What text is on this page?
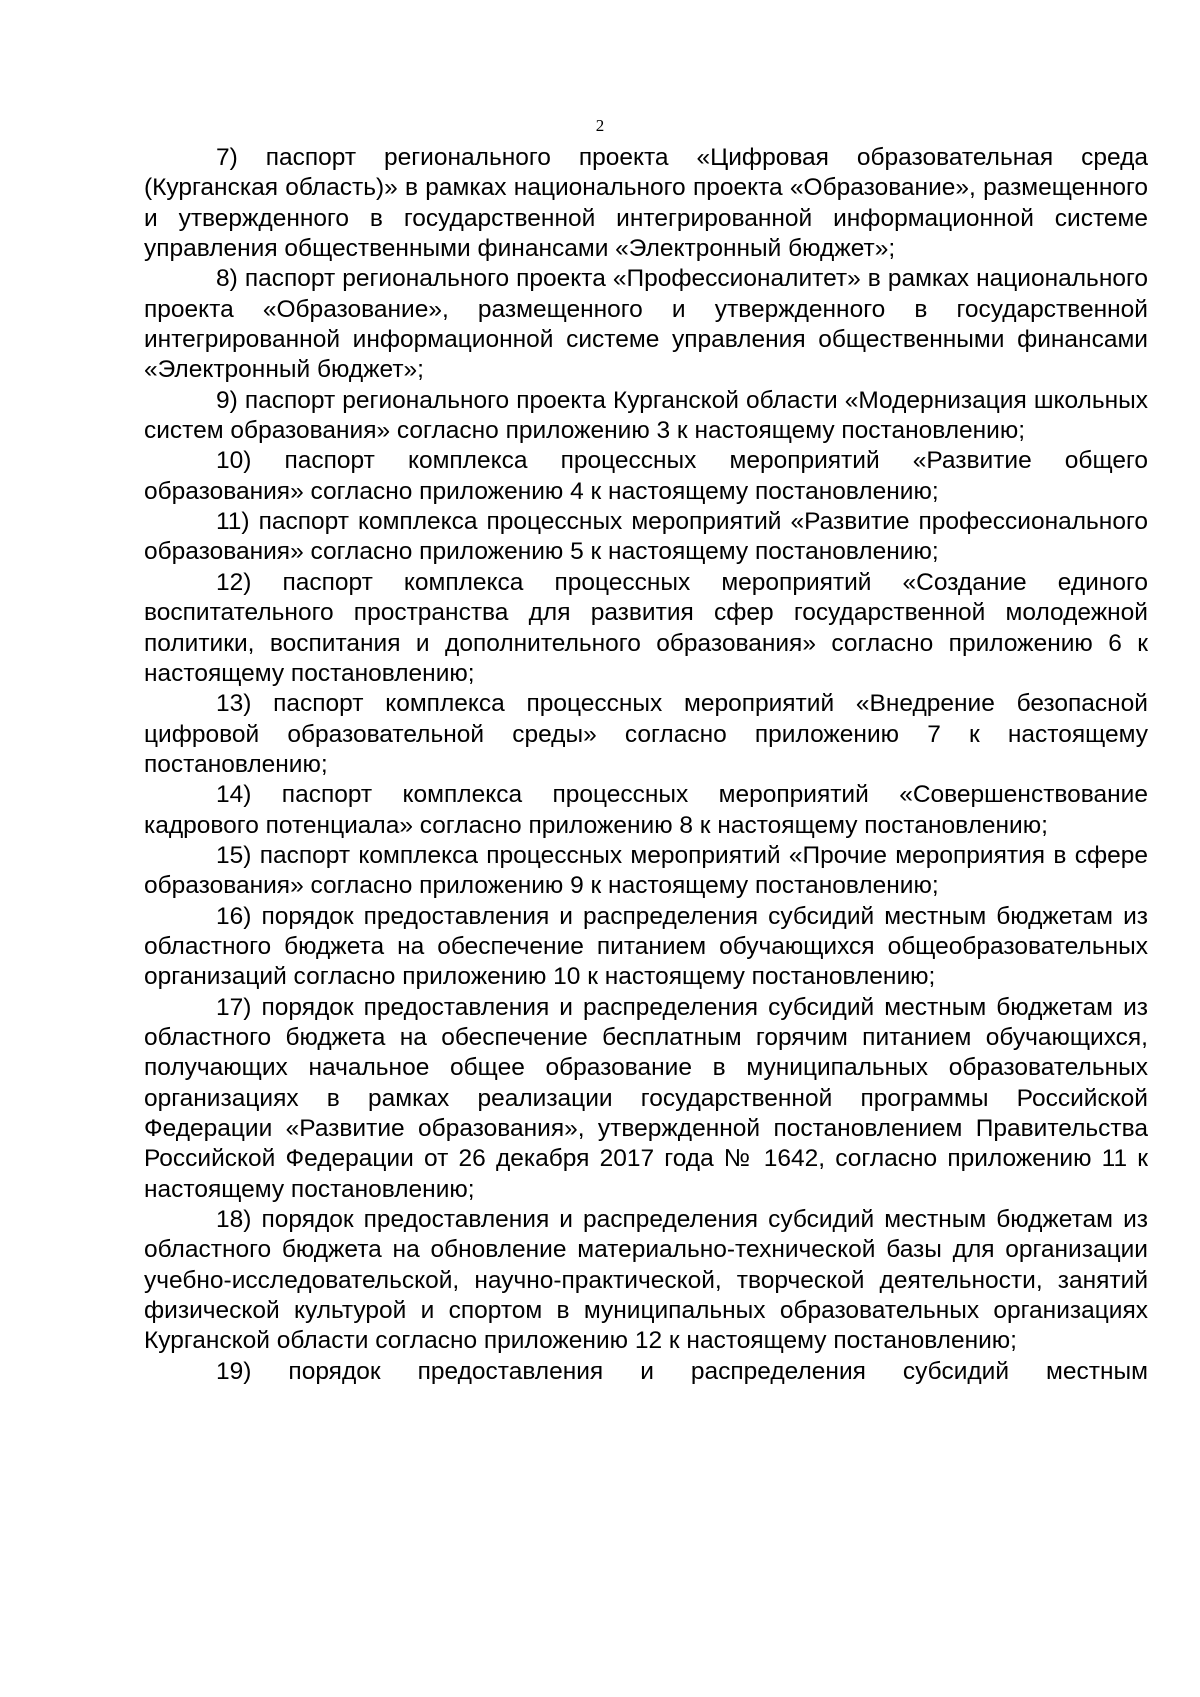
2

7) паспорт регионального проекта «Цифровая образовательная среда (Курганская область)» в рамках национального проекта «Образование», размещенного и утвержденного в государственной интегрированной информационной системе управления общественными финансами «Электронный бюджет»;

8) паспорт регионального проекта «Профессионалитет» в рамках национального проекта «Образование», размещенного и утвержденного в государственной интегрированной информационной системе управления общественными финансами «Электронный бюджет»;

9) паспорт регионального проекта Курганской области «Модернизация школьных систем образования» согласно приложению 3 к настоящему постановлению;

10) паспорт комплекса процессных мероприятий «Развитие общего образования» согласно приложению 4 к настоящему постановлению;

11) паспорт комплекса процессных мероприятий «Развитие профессионального образования» согласно приложению 5 к настоящему постановлению;

12) паспорт комплекса процессных мероприятий «Создание единого воспитательного пространства для развития сфер государственной молодежной политики, воспитания и дополнительного образования» согласно приложению 6 к настоящему постановлению;

13) паспорт комплекса процессных мероприятий «Внедрение безопасной цифровой образовательной среды» согласно приложению 7 к настоящему постановлению;

14) паспорт комплекса процессных мероприятий «Совершенствование кадрового потенциала» согласно приложению 8 к настоящему постановлению;

15) паспорт комплекса процессных мероприятий «Прочие мероприятия в сфере образования» согласно приложению 9 к настоящему постановлению;

16) порядок предоставления и распределения субсидий местным бюджетам из областного бюджета на обеспечение питанием обучающихся общеобразовательных организаций согласно приложению 10 к настоящему постановлению;

17) порядок предоставления и распределения субсидий местным бюджетам из областного бюджета на обеспечение бесплатным горячим питанием обучающихся, получающих начальное общее образование в муниципальных образовательных организациях в рамках реализации государственной программы Российской Федерации «Развитие образования», утвержденной постановлением Правительства Российской Федерации от 26 декабря 2017 года № 1642, согласно приложению 11 к настоящему постановлению;

18) порядок предоставления и распределения субсидий местным бюджетам из областного бюджета на обновление материально-технической базы для организации учебно-исследовательской, научно-практической, творческой деятельности, занятий физической культурой и спортом в муниципальных образовательных организациях Курганской области согласно приложению 12 к настоящему постановлению;

19) порядок предоставления и распределения субсидий местным
